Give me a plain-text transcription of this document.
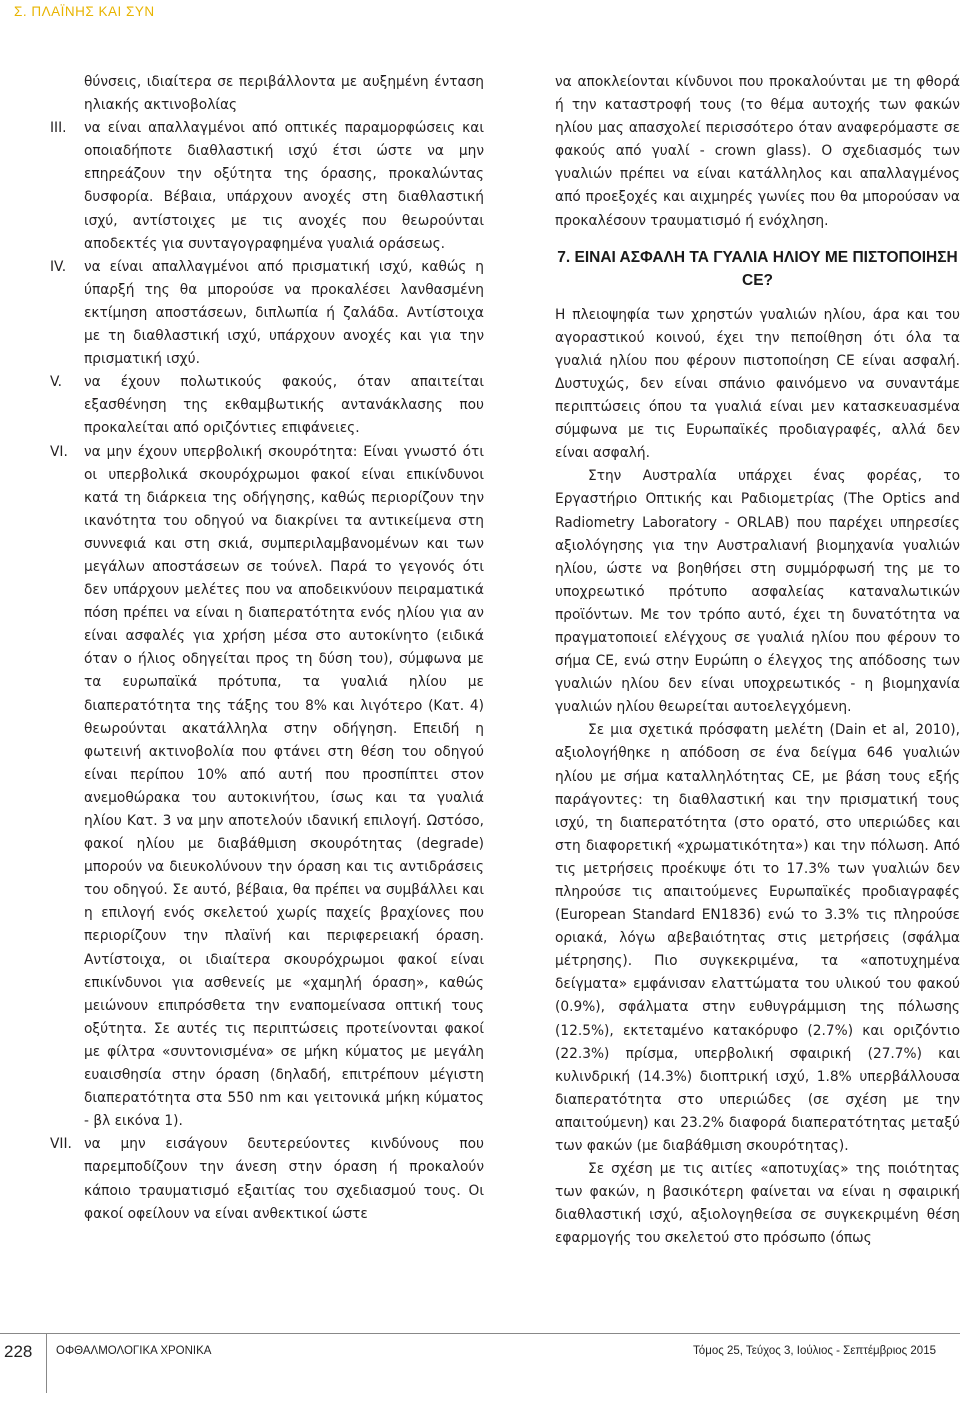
Σ. ΠΛΑΪΝΗΣ ΚΑΙ ΣΥΝ

θύνσεις, ιδιαίτερα σε περιβάλλοντα με αυξημένη ένταση ηλιακής ακτινοβολίας

III.	να είναι απαλλαγμένοι από οπτικές παραμορφώσεις και οποιαδήποτε διαθλαστική ισχύ έτσι ώστε να μην επηρεάζουν την οξύτητα της όρασης, προκαλώντας δυσφορία. Βέβαια, υπάρχουν ανοχές στη διαθλαστική ισχύ, αντίστοιχες με τις ανοχές που θεωρούνται αποδεκτές για συνταγογραφημένα γυαλιά οράσεως.
IV.	να είναι απαλλαγμένοι από πρισματική ισχύ, καθώς η ύπαρξή της θα μπορούσε να προκαλέσει λανθασμένη εκτίμηση αποστάσεων, διπλωπία ή ζαλάδα. Αντίστοιχα με τη διαθλαστική ισχύ, υπάρχουν ανοχές και για την πρισματική ισχύ.
V.	να έχουν πολωτικούς φακούς, όταν απαιτείται εξασθένηση της εκθαμβωτικής αντανάκλασης που προκαλείται από οριζόντιες επιφάνειες.
VI.	να μην έχουν υπερβολική σκουρότητα: Είναι γνωστό ότι οι υπερβολικά σκουρόχρωμοι φακοί είναι επικίνδυνοι κατά τη διάρκεια της οδήγησης, καθώς περιορίζουν την ικανότητα του οδηγού να διακρίνει τα αντικείμενα στη συννεφιά και στη σκιά, συμπεριλαμβανομένων και των μεγάλων αποστάσεων σε τούνελ. Παρά το γεγονός ότι δεν υπάρχουν μελέτες που να αποδεικνύουν πειραματικά πόση πρέπει να είναι η διαπερατότητα ενός ηλίου για αν είναι ασφαλές για χρήση μέσα στο αυτοκίνητο (ειδικά όταν ο ήλιος οδηγείται προς τη δύση του), σύμφωνα με τα ευρωπαϊκά πρότυπα, τα γυαλιά ηλίου με διαπερατότητα της τάξης του 8% και λιγότερο (Κατ. 4) θεωρούνται ακατάλληλα στην οδήγηση. Επειδή η φωτεινή ακτινοβολία που φτάνει στη θέση του οδηγού είναι περίπου 10% από αυτή που προσπίπτει στον ανεμοθώρακα του αυτοκινήτου, ίσως και τα γυαλιά ηλίου Κατ. 3 να μην αποτελούν ιδανική επιλογή. Ωστόσο, φακοί ηλίου με διαβάθμιση σκουρότητας (degrade) μπορούν να διευκολύνουν την όραση και τις αντιδράσεις του οδηγού. Σε αυτό, βέβαια, θα πρέπει να συμβάλλει και η επιλογή ενός σκελετού χωρίς παχείς βραχίονες που περιορίζουν την πλαϊνή και περιφερειακή όραση. Αντίστοιχα, οι ιδιαίτερα σκουρόχρωμοι φακοί είναι επικίνδυνοι για ασθενείς με «χαμηλή όραση», καθώς μειώνουν επιπρόσθετα την εναπομείνασα οπτική τους οξύτητα. Σε αυτές τις περιπτώσεις προτείνονται φακοί με φίλτρα «συντονισμένα» σε μήκη κύματος με μεγάλη ευαισθησία στην όραση (δηλαδή, επιτρέπουν μέγιστη διαπερατότητα στα 550 nm και γειτονικά μήκη κύματος - βλ εικόνα 1).
VII. να μην εισάγουν δευτερεύοντες κινδύνους που παρεμποδίζουν την άνεση στην όραση ή προκαλούν κάποιο τραυματισμό εξαιτίας του σχεδιασμού τους. Οι φακοί οφείλουν να είναι ανθεκτικοί ώστε

να αποκλείονται κίνδυνοι που προκαλούνται με τη φθορά ή την καταστροφή τους (το θέμα αυτοχής των φακών ηλίου μας απασχολεί περισσότερο όταν αναφερόμαστε σε φακούς από γυαλί - crown glass). Ο σχεδιασμός των γυαλιών πρέπει να είναι κατάλληλος και απαλλαγμένος από προεξοχές και αιχμηρές γωνίες που θα μπορούσαν να προκαλέσουν τραυματισμό ή ενόχληση.

7. ΕΙΝΑΙ ΑΣΦΑΛΗ ΤΑ ΓΥΑΛΙΑ ΗΛΙΟΥ ΜΕ ΠΙΣΤΟΠΟΙΗΣΗ CE?

Η πλειοψηφία των χρηστών γυαλιών ηλίου, άρα και του αγοραστικού κοινού, έχει την πεποίθηση ότι όλα τα γυαλιά ηλίου που φέρουν πιστοποίηση CE είναι ασφαλή. Δυστυχώς, δεν είναι σπάνιο φαινόμενο να συναντάμε περιπτώσεις όπου τα γυαλιά είναι μεν κατασκευασμένα σύμφωνα με τις Ευρωπαϊκές προδιαγραφές, αλλά δεν είναι ασφαλή.

Στην Αυστραλία υπάρχει ένας φορέας, το Εργαστήριο Οπτικής και Ραδιομετρίας (The Optics and Radiometry Laboratory - ORLAB) που παρέχει υπηρεσίες αξιολόγησης για την Αυστραλιανή βιομηχανία γυαλιών ηλίου, ώστε να βοηθήσει στη συμμόρφωσή της με το υποχρεωτικό πρότυπο ασφαλείας καταναλωτικών προϊόντων. Με τον τρόπο αυτό, έχει τη δυνατότητα να πραγματοποιεί ελέγχους σε γυαλιά ηλίου που φέρουν το σήμα CE, ενώ στην Ευρώπη ο έλεγχος της απόδοσης των γυαλιών ηλίου δεν είναι υποχρεωτικός - η βιομηχανία γυαλιών ηλίου θεωρείται αυτοελεγχόμενη.

Σε μια σχετικά πρόσφατη μελέτη (Dain et al, 2010), αξιολογήθηκε η απόδοση σε ένα δείγμα 646 γυαλιών ηλίου με σήμα καταλληλότητας CE, με βάση τους εξής παράγοντες: τη διαθλαστική και την πρισματική τους ισχύ, τη διαπερατότητα (στο ορατό, στο υπεριώδες και στη διαφορετική «χρωματικότητα») και την πόλωση. Από τις μετρήσεις προέκυψε ότι το 17.3% των γυαλιών δεν πληρούσε τις απαιτούμενες Ευρωπαϊκές προδιαγραφές (European Standard EN1836) ενώ το 3.3% τις πληρούσε οριακά, λόγω αβεβαιότητας στις μετρήσεις (σφάλμα μέτρησης). Πιο συγκεκριμένα, τα «αποτυχημένα δείγματα» εμφάνισαν ελαττώματα του υλικού του φακού (0.9%), σφάλματα στην ευθυγράμμιση της πόλωσης (12.5%), εκτεταμένο κατακόρυφο (2.7%) και οριζόντιο (22.3%) πρίσμα, υπερβολική σφαιρική (27.7%) και κυλινδρική (14.3%) διοπτρική ισχύ, 1.8% υπερβάλλουσα διαπερατότητα στο υπεριώδες (σε σχέση με την απαιτούμενη) και 23.2% διαφορά διαπερατότητας μεταξύ των φακών (με διαβάθμιση σκουρότητας).

Σε σχέση με τις αιτίες «αποτυχίας» της ποιότητας των φακών, η βασικότερη φαίνεται να είναι η σφαιρική διαθλαστική ισχύ, αξιολογηθείσα σε συγκεκριμένη θέση εφαρμογής του σκελετού στο πρόσωπο (όπως

228 ΟΦΘΑΛΜΟΛΟΓΙΚΑ ΧΡΟΝΙΚΑ	Τόμος 25, Τεύχος 3, Ιούλιος - Σεπτέμβριος 2015
